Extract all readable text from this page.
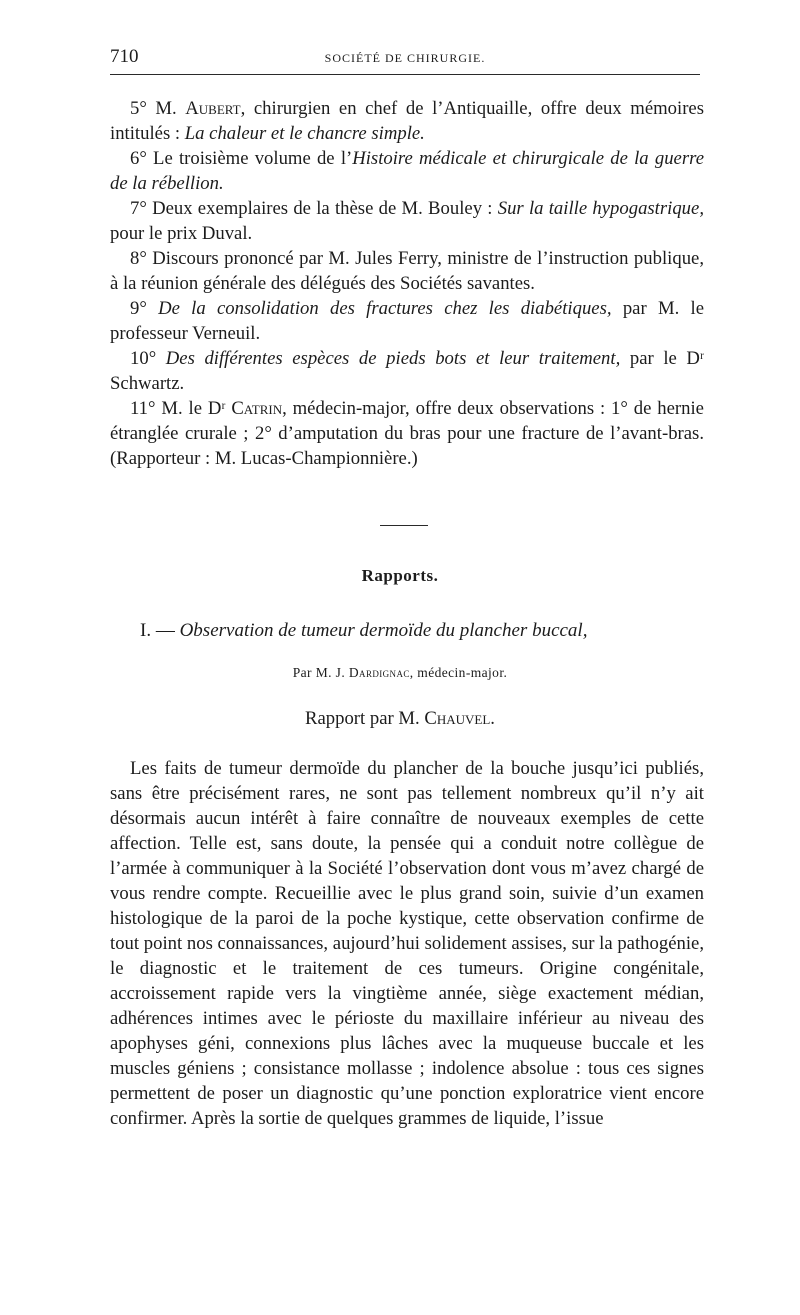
710	SOCIÉTÉ DE CHIRURGIE.

5° M. Aubert, chirurgien en chef de l’Antiquaille, offre deux mémoires intitulés : La chaleur et le chancre simple.

6° Le troisième volume de l’Histoire médicale et chirurgicale de la guerre de la rébellion.

7° Deux exemplaires de la thèse de M. Bouley : Sur la taille hypogastrique, pour le prix Duval.

8° Discours prononcé par M. Jules Ferry, ministre de l’instruction publique, à la réunion générale des délégués des Sociétés savantes.

9° De la consolidation des fractures chez les diabétiques, par M. le professeur Verneuil.

10° Des différentes espèces de pieds bots et leur traitement, par le Dʳ Schwartz.

11° M. le Dʳ Catrin, médecin-major, offre deux observations : 1° de hernie étranglée crurale ; 2° d’amputation du bras pour une fracture de l’avant-bras. (Rapporteur : M. Lucas-Championnière.)

Rapports.
I. — Observation de tumeur dermoïde du plancher buccal,
Par M. J. Dardignac, médecin-major.
Rapport par M. Chauvel.

Les faits de tumeur dermoïde du plancher de la bouche jusqu’ici publiés, sans être précisément rares, ne sont pas tellement nombreux qu’il n’y ait désormais aucun intérêt à faire connaître de nouveaux exemples de cette affection. Telle est, sans doute, la pensée qui a conduit notre collègue de l’armée à communiquer à la Société l’observation dont vous m’avez chargé de vous rendre compte. Recueillie avec le plus grand soin, suivie d’un examen histologique de la paroi de la poche kystique, cette observation confirme de tout point nos connaissances, aujourd’hui solidement assises, sur la pathogénie, le diagnostic et le traitement de ces tumeurs. Origine congénitale, accroissement rapide vers la vingtième année, siège exactement médian, adhérences intimes avec le périoste du maxillaire inférieur au niveau des apophyses géni, connexions plus lâches avec la muqueuse buccale et les muscles géniens ; consistance mollasse ; indolence absolue : tous ces signes permettent de poser un diagnostic qu’une ponction exploratrice vient encore confirmer. Après la sortie de quelques grammes de liquide, l’issue
